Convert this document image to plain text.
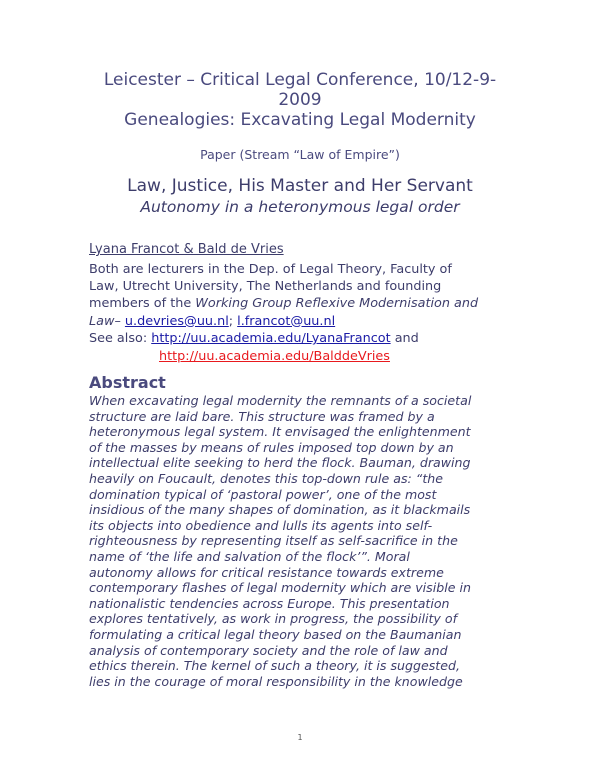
Leicester – Critical Legal Conference, 10/12-9-
2009
Genealogies: Excavating Legal Modernity
Paper (Stream “Law of Empire”)
Law, Justice, His Master and Her Servant
Autonomy in a heteronymous legal order
Lyana Francot & Bald de Vries
Both are lecturers in the Dep. of Legal Theory, Faculty of
Law, Utrecht University, The Netherlands and founding
members of the Working Group Reflexive Modernisation and
Law– u.devries@uu.nl; l.francot@uu.nl
See also: http://uu.academia.edu/LyanaFrancot and
http://uu.academia.edu/BalddeVries
Abstract
When excavating legal modernity the remnants of a societal
structure are laid bare. This structure was framed by a
heteronymous legal system. It envisaged the enlightenment
of the masses by means of rules imposed top down by an
intellectual elite seeking to herd the flock. Bauman, drawing
heavily on Foucault, denotes this top-down rule as: “the
domination typical of ‘pastoral power’, one of the most
insidious of the many shapes of domination, as it blackmails
its objects into obedience and lulls its agents into self-
righteousness by representing itself as self-sacrifice in the
name of ‘the life and salvation of the flock’”. Moral
autonomy allows for critical resistance towards extreme
contemporary flashes of legal modernity which are visible in
nationalistic tendencies across Europe. This presentation
explores tentatively, as work in progress, the possibility of
formulating a critical legal theory based on the Baumanian
analysis of contemporary society and the role of law and
ethics therein. The kernel of such a theory, it is suggested,
lies in the courage of moral responsibility in the knowledge
1
